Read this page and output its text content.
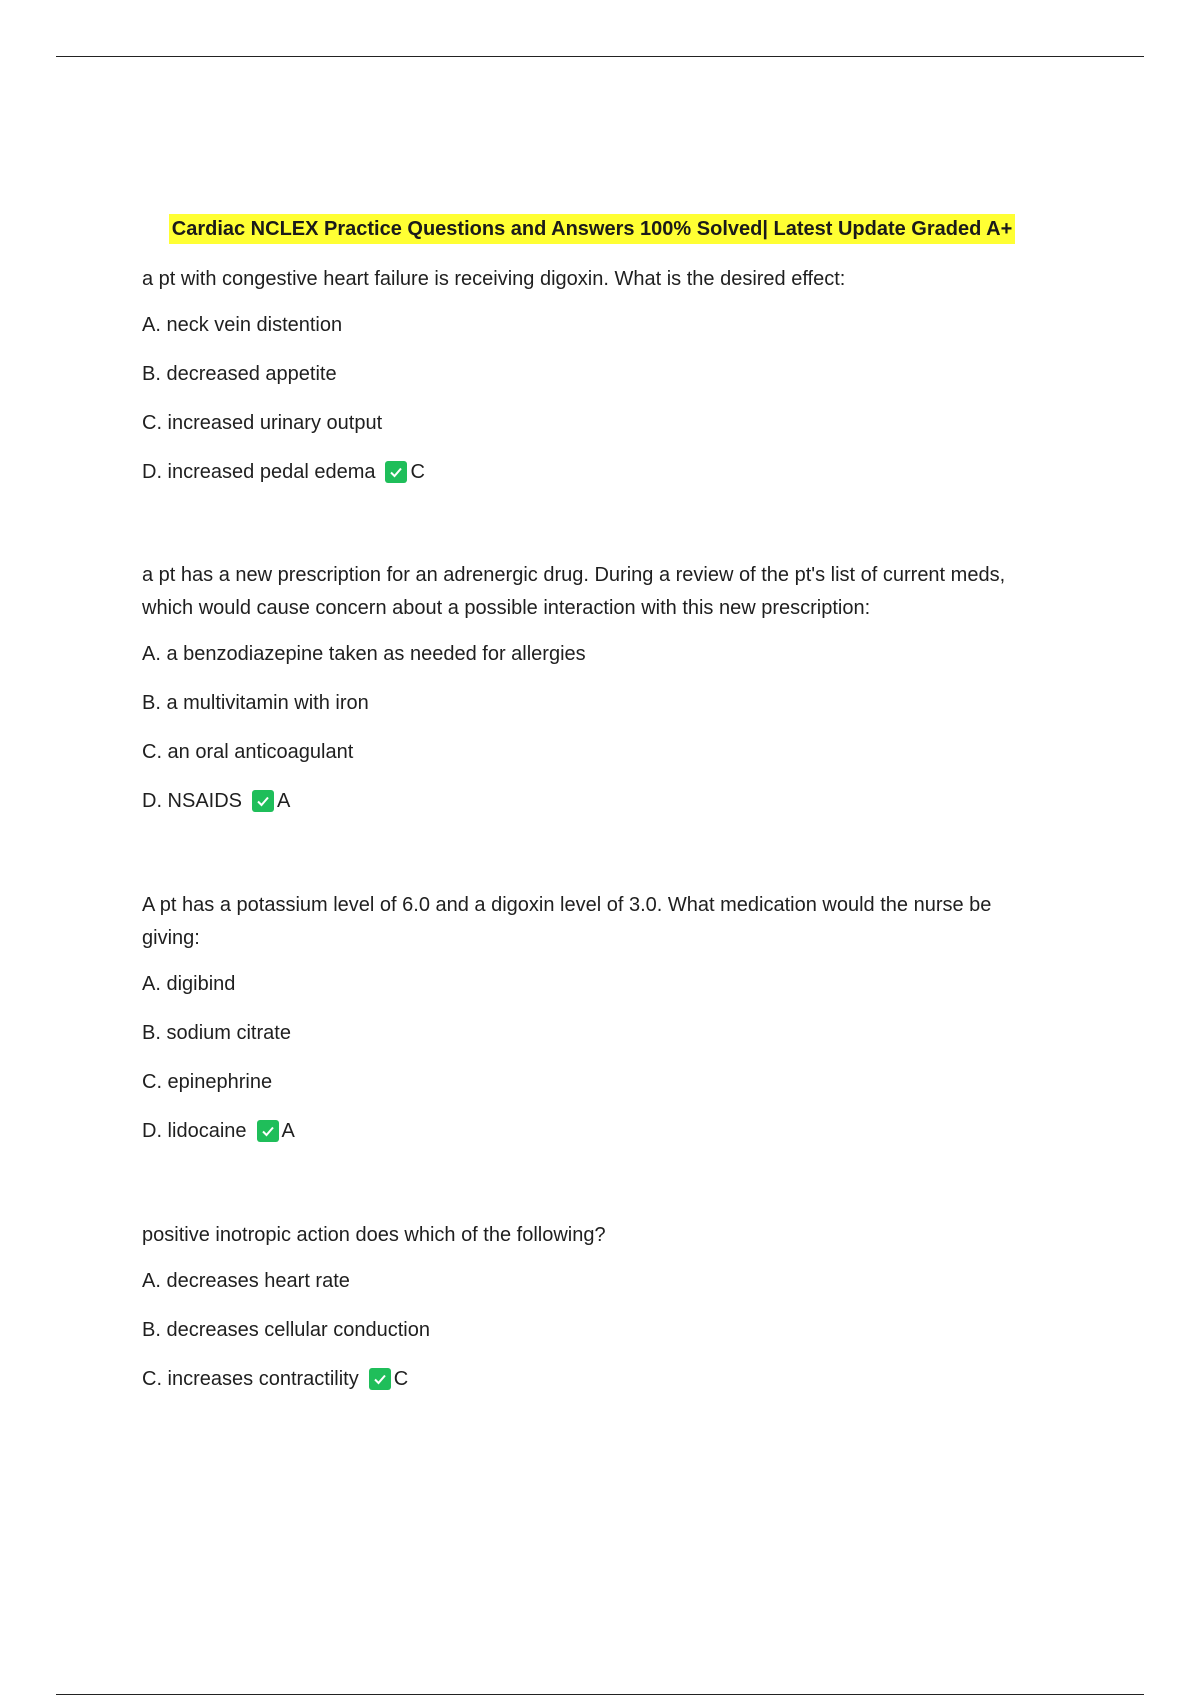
Cardiac NCLEX Practice Questions and Answers 100% Solved| Latest Update Graded A+

a pt with congestive heart failure is receiving digoxin. What is the desired effect:

A. neck vein distention
B. decreased appetite
C. increased urinary output
D. increased pedal edema C

a pt has a new prescription for an adrenergic drug. During a review of the pt's list of current meds, which would cause concern about a possible interaction with this new prescription:

A. a benzodiazepine taken as needed for allergies
B. a multivitamin with iron
C. an oral anticoagulant
D. NSAIDS A

A pt has a potassium level of 6.0 and a digoxin level of 3.0. What medication would the nurse be giving:

A. digibind
B. sodium citrate
C. epinephrine
D. lidocaine A

positive inotropic action does which of the following?

A. decreases heart rate
B. decreases cellular conduction
C. increases contractility C
